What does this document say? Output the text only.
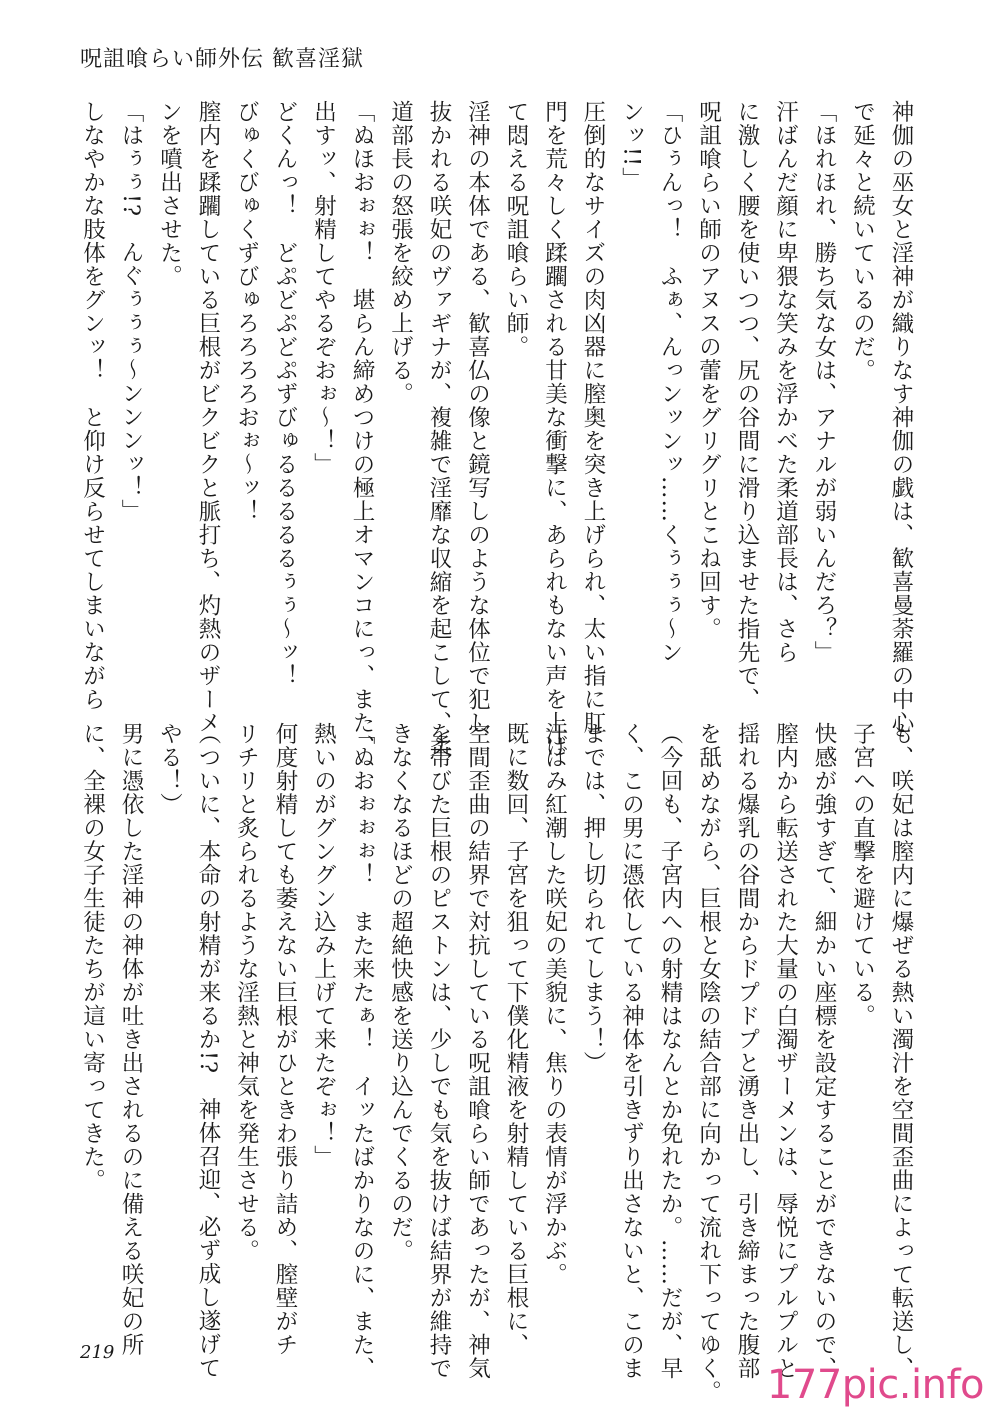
呪詛喰らい師外伝 歓喜淫獄

神伽の巫女と淫神が織りなす神伽の戯は、歓喜曼荼羅の中心

で延々と続いているのだ。

「ほれほれ、勝ち気な女は、アナルが弱いんだろ？」

汗ばんだ顔に卑猥な笑みを浮かべた柔道部長は、さら

に激しく腰を使いつつ、尻の谷間に滑り込ませた指先で、

呪詛喰らい師のアヌスの蕾をグリグリとこね回す。

「ひぅんっ！　ふぁ、んっンッンッ……くぅぅぅ〜ン

ンッ!!」

圧倒的なサイズの肉凶器に膣奥を突き上げられ、太い指に肛

門を荒々しく蹂躙される甘美な衝撃に、あられもない声を上げ

て悶える呪詛喰らい師。

淫神の本体である、歓喜仏の像と鏡写しのような体位で犯し

抜かれる咲妃のヴァギナが、複雑で淫靡な収縮を起こして、柔

道部長の怒張を絞め上げる。

「ぬほおぉぉ！　堪らん締めつけの極上オマンコにっ、また、

出すッ、射精してやるぞおぉ〜！」

どくんっ！　どぷどぷどぷずびゅるるるるるぅぅ〜ッ！

びゅくびゅくずびゅろろろろおぉ〜ッ！

膣内を蹂躙している巨根がビクビクと脈打ち、灼熱のザーメ

ンを噴出させた。

「はぅぅ!?　んぐぅぅぅ〜ンンンッ！」

しなやかな肢体をグンッ！　と仰け反らせてしまいながら

も、咲妃は膣内に爆ぜる熱い濁汁を空間歪曲によって転送し、

子宮への直撃を避けている。

快感が強すぎて、細かい座標を設定することができないので、

膣内から転送された大量の白濁ザーメンは、辱悦にプルプルと

揺れる爆乳の谷間からドプドプと湧き出し、引き締まった腹部

を舐めながら、巨根と女陰の結合部に向かって流れ下ってゆく。

（今回も、子宮内への射精はなんとか免れたか。……だが、早

く、この男に憑依している神体を引きずり出さないと、このま

までは、押し切られてしまう！）

汗ばみ紅潮した咲妃の美貌に、焦りの表情が浮かぶ。

既に数回、子宮を狙って下僕化精液を射精している巨根に、

空間歪曲の結界で対抗している呪詛喰らい師であったが、神気

を帯びた巨根のピストンは、少しでも気を抜けば結界が維持で

きなくなるほどの超絶快感を送り込んでくるのだ。

「ぬおぉぉぉ！　また来たぁ！　イッたばかりなのに、また、

熱いのがグングン込み上げて来たぞぉ！」

何度射精しても萎えない巨根がひときわ張り詰め、膣壁がチ

リチリと炙られるような淫熱と神気を発生させる。

（ついに、本命の射精が来るか!?　神体召迎、必ず成し遂げて

やる！）

男に憑依した淫神の神体が吐き出されるのに備える咲妃の所

に、全裸の女子生徒たちが這い寄ってきた。

219
177pic.info
